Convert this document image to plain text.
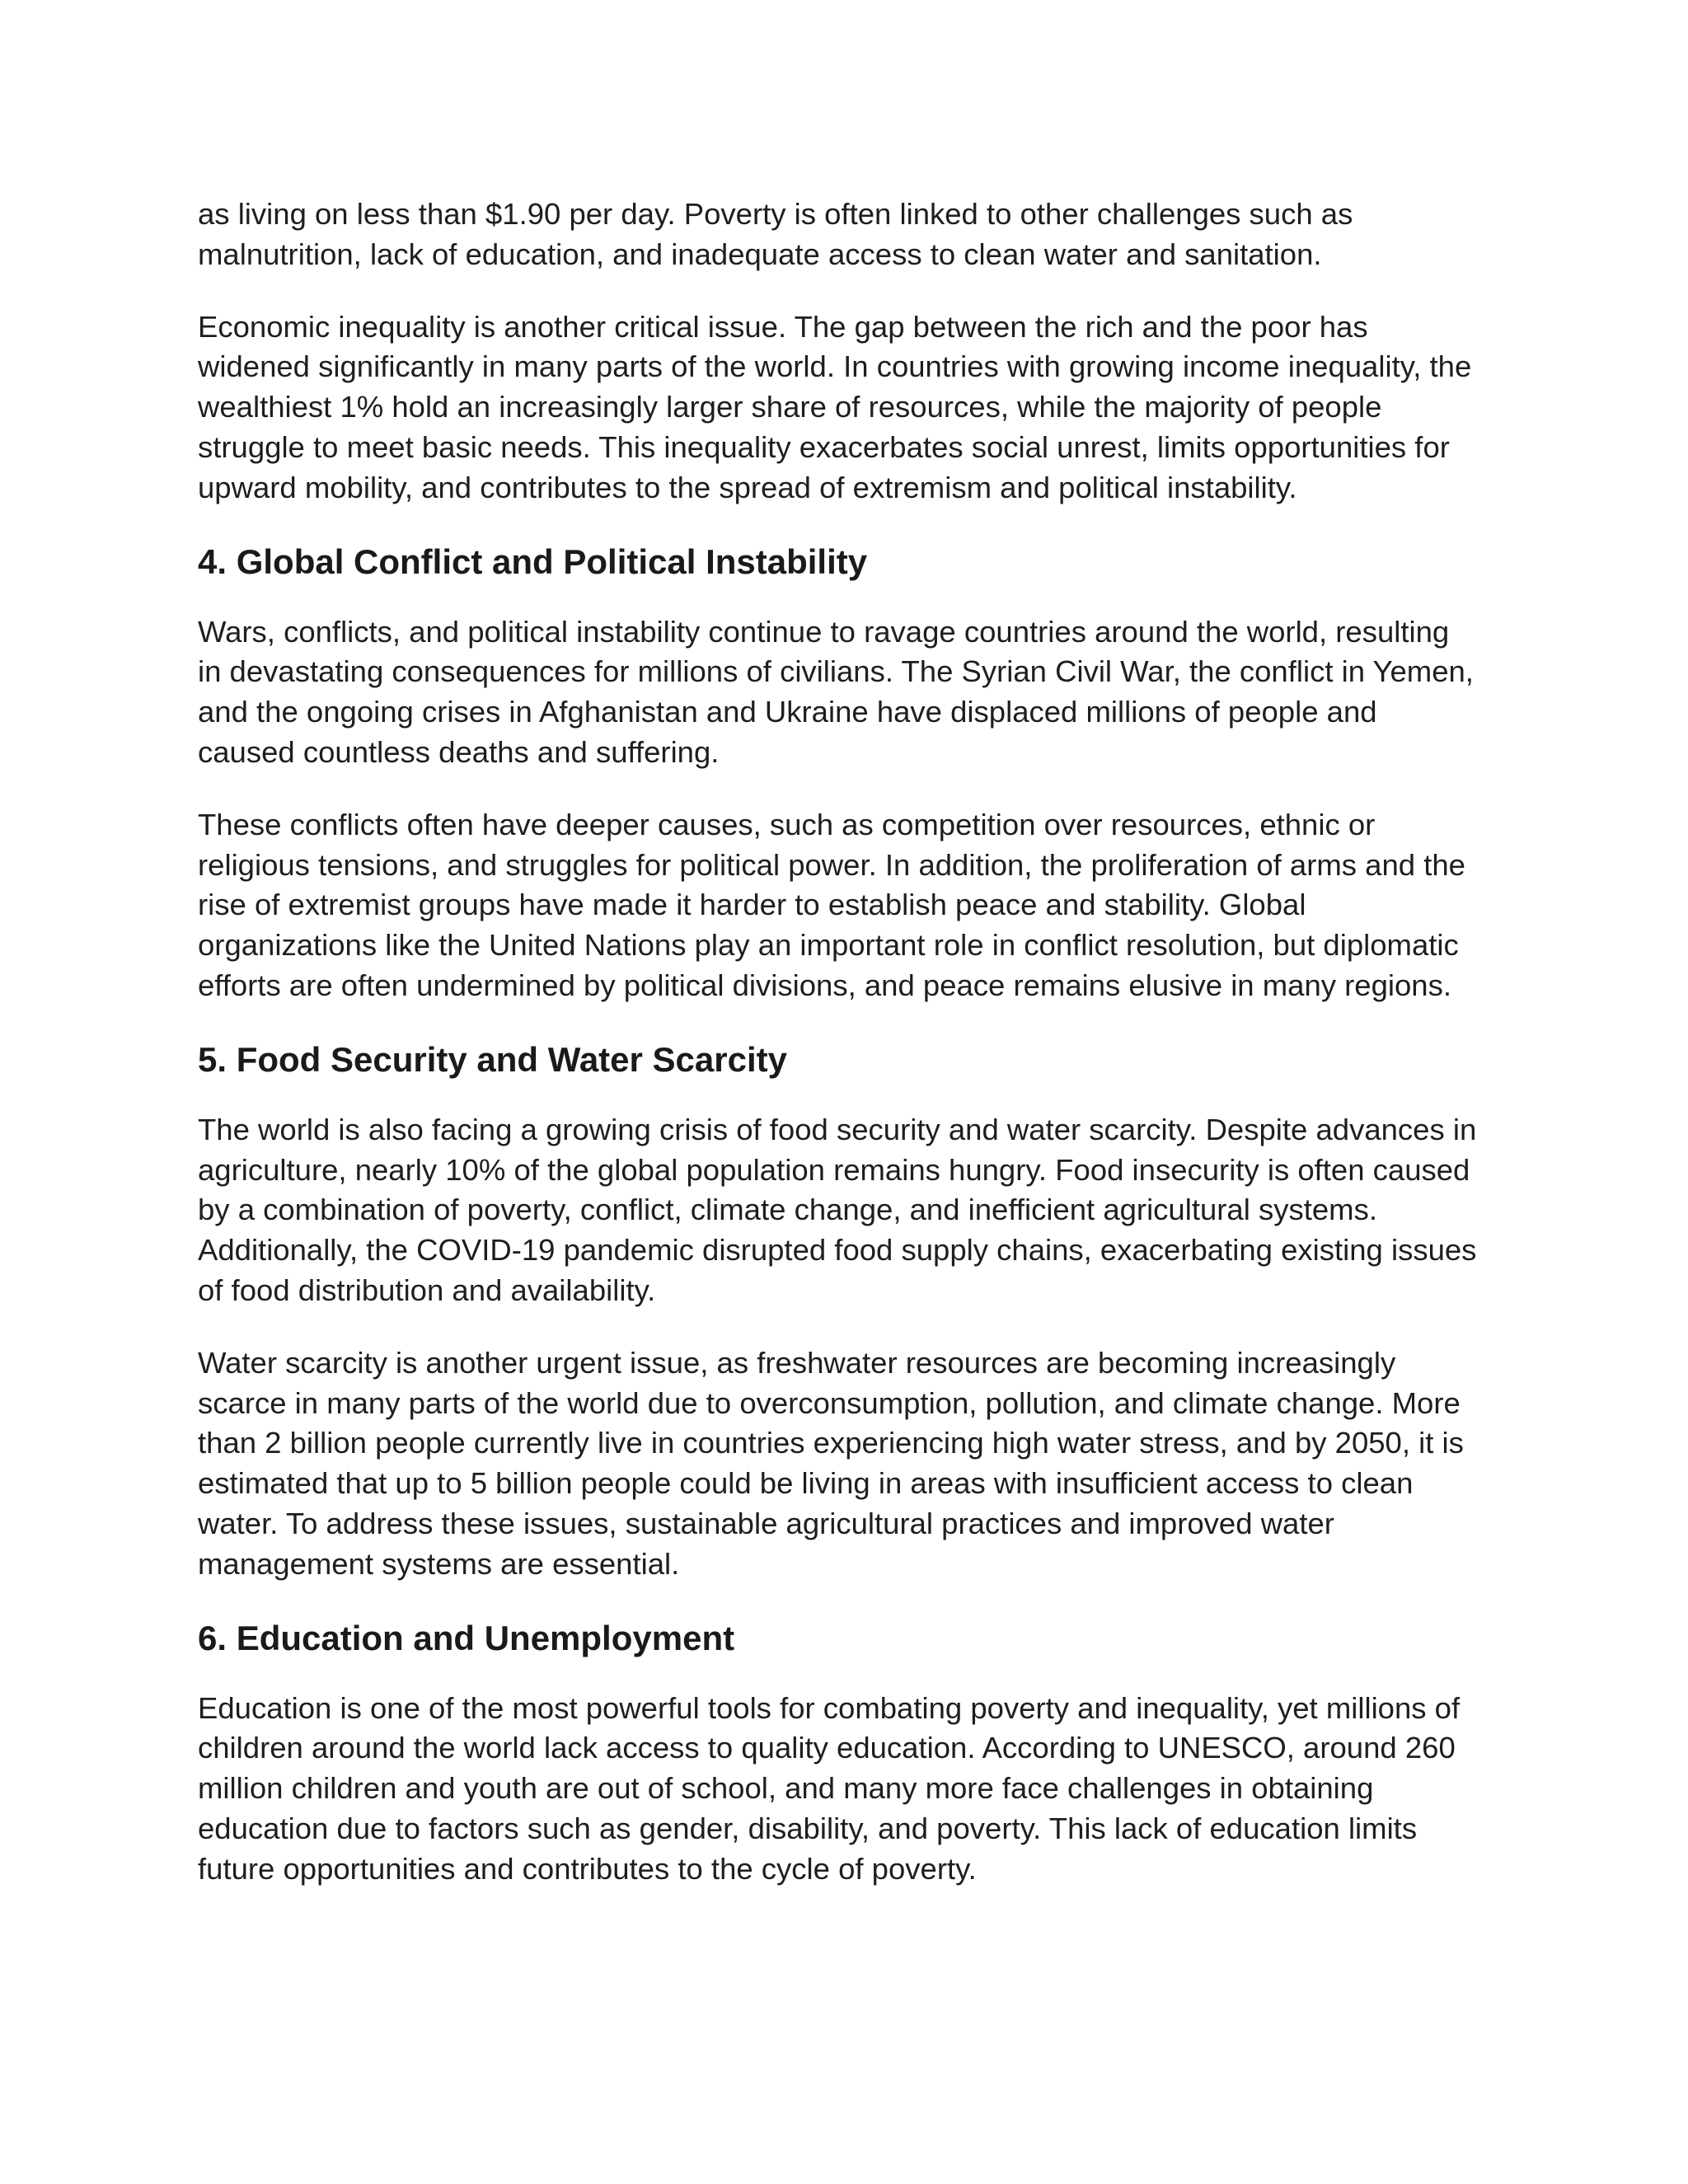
as living on less than $1.90 per day. Poverty is often linked to other challenges such as
malnutrition, lack of education, and inadequate access to clean water and sanitation.

Economic inequality is another critical issue. The gap between the rich and the poor has
widened significantly in many parts of the world. In countries with growing income inequality, the
wealthiest 1% hold an increasingly larger share of resources, while the majority of people
struggle to meet basic needs. This inequality exacerbates social unrest, limits opportunities for
upward mobility, and contributes to the spread of extremism and political instability.

4. Global Conflict and Political Instability

Wars, conflicts, and political instability continue to ravage countries around the world, resulting
in devastating consequences for millions of civilians. The Syrian Civil War, the conflict in Yemen,
and the ongoing crises in Afghanistan and Ukraine have displaced millions of people and
caused countless deaths and suffering.

These conflicts often have deeper causes, such as competition over resources, ethnic or
religious tensions, and struggles for political power. In addition, the proliferation of arms and the
rise of extremist groups have made it harder to establish peace and stability. Global
organizations like the United Nations play an important role in conflict resolution, but diplomatic
efforts are often undermined by political divisions, and peace remains elusive in many regions.

5. Food Security and Water Scarcity

The world is also facing a growing crisis of food security and water scarcity. Despite advances in
agriculture, nearly 10% of the global population remains hungry. Food insecurity is often caused
by a combination of poverty, conflict, climate change, and inefficient agricultural systems.
Additionally, the COVID-19 pandemic disrupted food supply chains, exacerbating existing issues
of food distribution and availability.

Water scarcity is another urgent issue, as freshwater resources are becoming increasingly
scarce in many parts of the world due to overconsumption, pollution, and climate change. More
than 2 billion people currently live in countries experiencing high water stress, and by 2050, it is
estimated that up to 5 billion people could be living in areas with insufficient access to clean
water. To address these issues, sustainable agricultural practices and improved water
management systems are essential.

6. Education and Unemployment

Education is one of the most powerful tools for combating poverty and inequality, yet millions of
children around the world lack access to quality education. According to UNESCO, around 260
million children and youth are out of school, and many more face challenges in obtaining
education due to factors such as gender, disability, and poverty. This lack of education limits
future opportunities and contributes to the cycle of poverty.
